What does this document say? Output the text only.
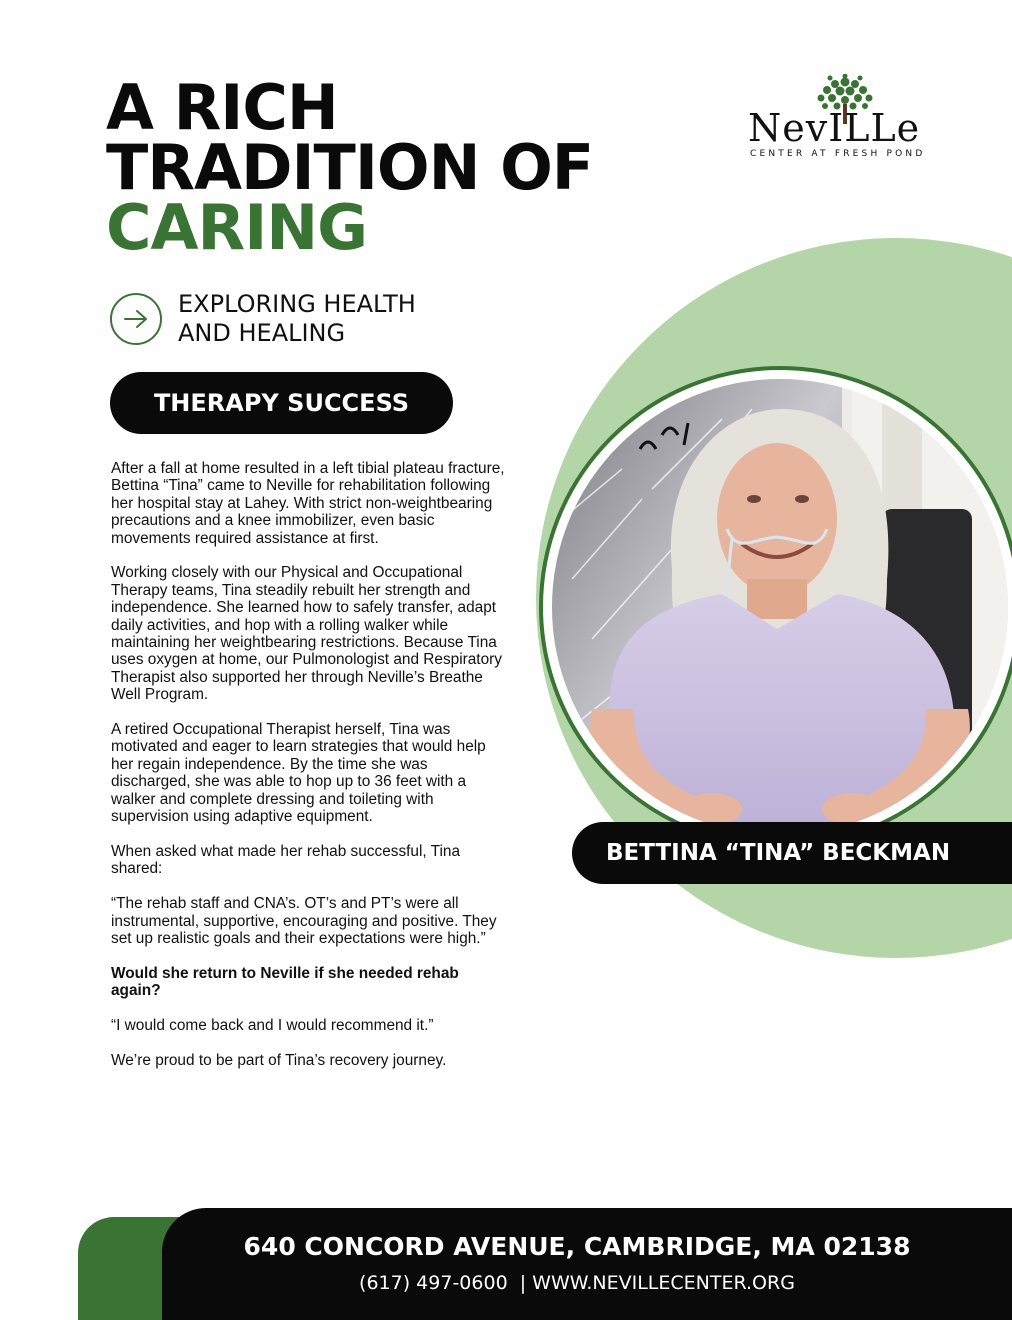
A RICH
TRADITION OF
CARING
NevILLe
CENTER AT FRESH POND
EXPLORING HEALTH
AND HEALING
THERAPY SUCCESS

After a fall at home resulted in a left tibial plateau fracture, Bettina “Tina” came to Neville for rehabilitation following her hospital stay at Lahey. With strict non-weightbearing precautions and a knee immobilizer, even basic movements required assistance at first.

Working closely with our Physical and Occupational Therapy teams, Tina steadily rebuilt her strength and independence. She learned how to safely transfer, adapt daily activities, and hop with a rolling walker while maintaining her weightbearing restrictions. Because Tina uses oxygen at home, our Pulmonologist and Respiratory Therapist also supported her through Neville’s Breathe Well Program.

A retired Occupational Therapist herself, Tina was motivated and eager to learn strategies that would help her regain independence. By the time she was discharged, she was able to hop up to 36 feet with a walker and complete dressing and toileting with supervision using adaptive equipment.

When asked what made her rehab successful, Tina shared:

“The rehab staff and CNA’s. OT’s and PT’s were all instrumental, supportive, encouraging and positive. They set up realistic goals and their expectations were high.”

Would she return to Neville if she needed rehab again?

“I would come back and I would recommend it.”

We’re proud to be part of Tina’s recovery journey.

BETTINA “TINA” BECKMAN
640 CONCORD AVENUE, CAMBRIDGE, MA 02138
(617) 497-0600  | WWW.NEVILLECENTER.ORG
